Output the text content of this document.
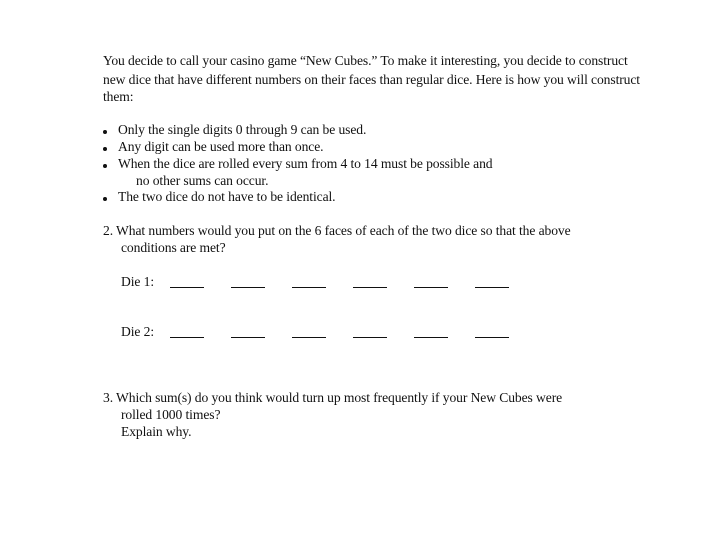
You decide to call your casino game “New Cubes.” To make it interesting, you decide to construct
new dice that have different numbers on their faces than regular dice. Here is how you will construct
them:
Only the single digits 0 through 9 can be used.
Any digit can be used more than once.
When the dice are rolled every sum from 4 to 14 must be possible and
no other sums can occur.
The two dice do not have to be identical.
2. What numbers would you put on the 6 faces of each of the two dice so that the above
conditions are met?
Die 1:
Die 2:
3. Which sum(s) do you think would turn up most frequently if your New Cubes were
rolled 1000 times?
Explain why.
